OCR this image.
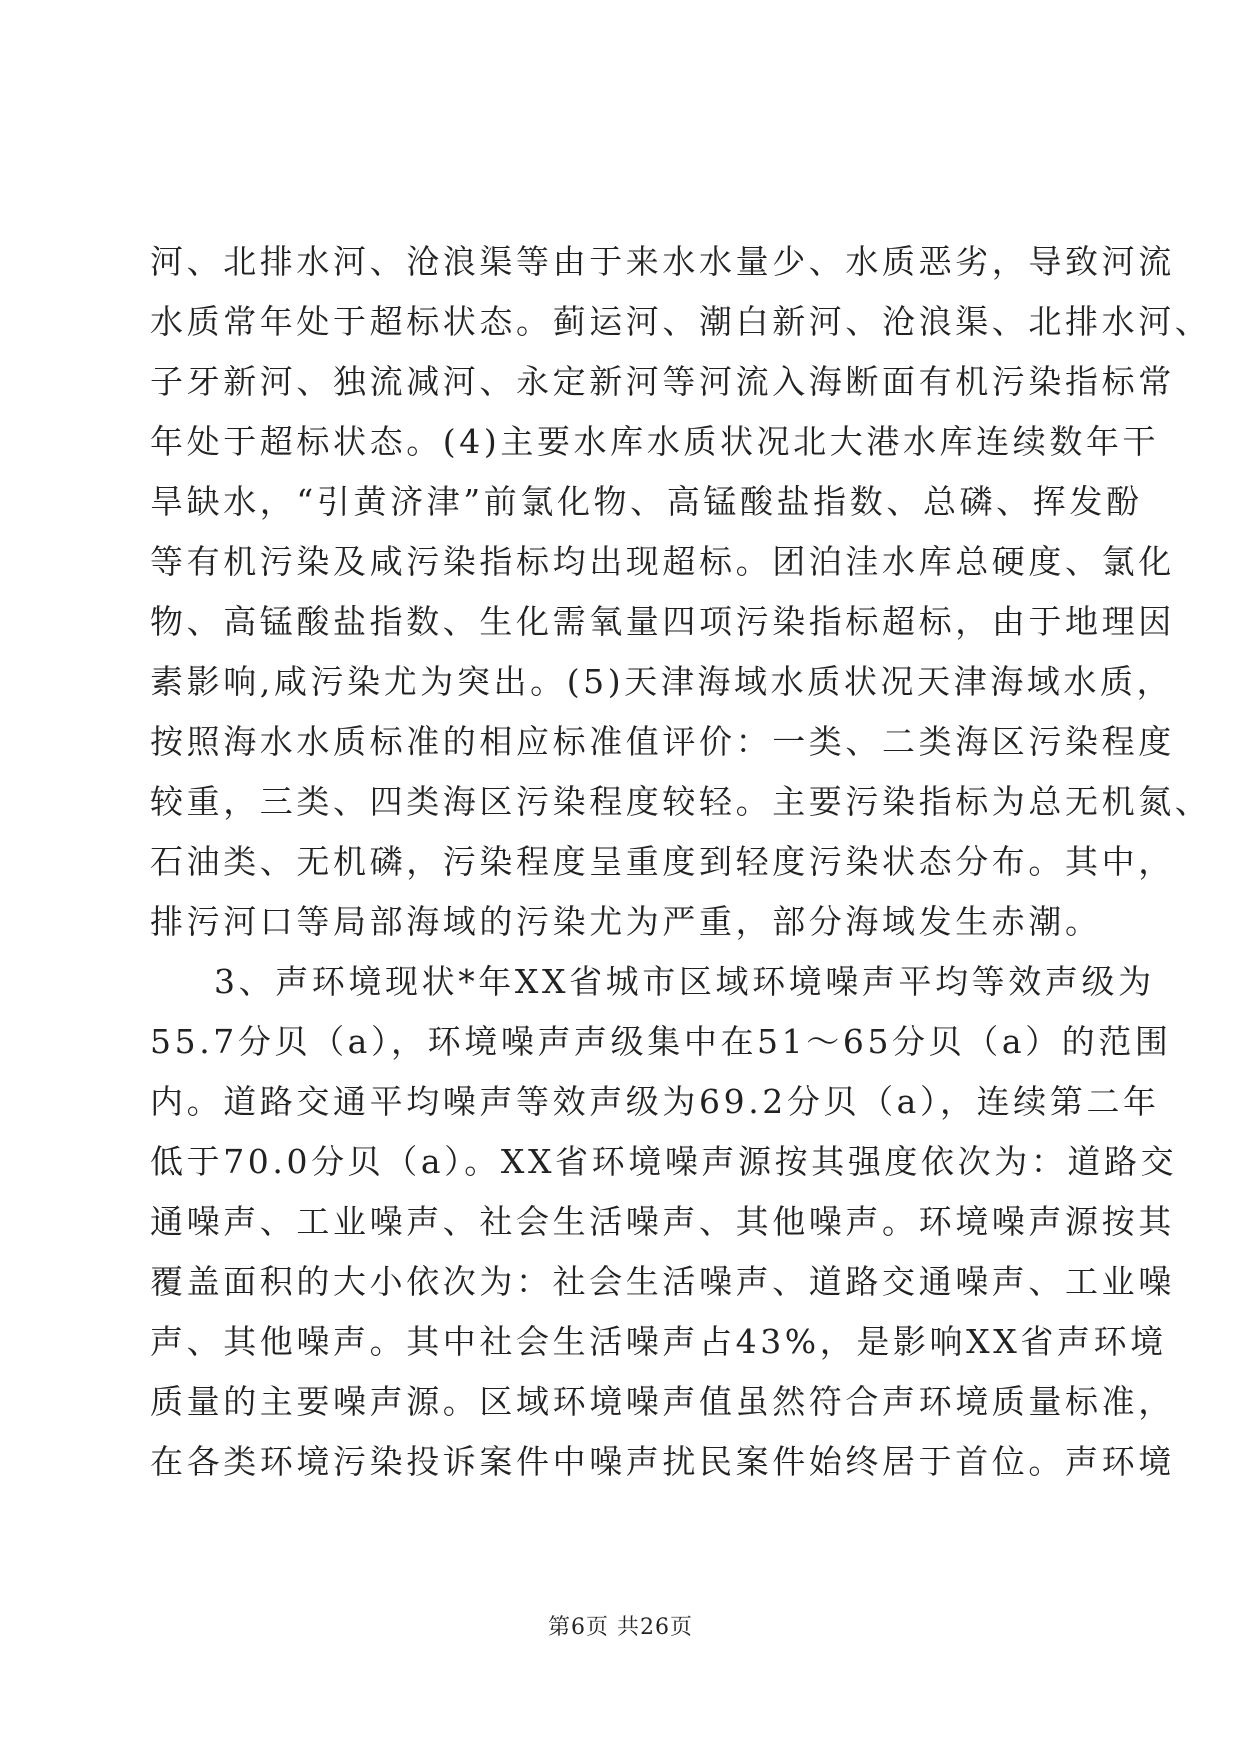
河、北排水河、沧浪渠等由于来水水量少、水质恶劣，导致河流
水质常年处于超标状态。蓟运河、潮白新河、沧浪渠、北排水河、
子牙新河、独流减河、永定新河等河流入海断面有机污染指标常
年处于超标状态。(4)主要水库水质状况北大港水库连续数年干
旱缺水，“引黄济津”前氯化物、高锰酸盐指数、总磷、挥发酚
等有机污染及咸污染指标均出现超标。团泊洼水库总硬度、氯化
物、高锰酸盐指数、生化需氧量四项污染指标超标，由于地理因
素影响,咸污染尤为突出。(5)天津海域水质状况天津海域水质，
按照海水水质标准的相应标准值评价：一类、二类海区污染程度
较重，三类、四类海区污染程度较轻。主要污染指标为总无机氮、
石油类、无机磷，污染程度呈重度到轻度污染状态分布。其中，
排污河口等局部海域的污染尤为严重，部分海域发生赤潮。
3、声环境现状*年XX省城市区域环境噪声平均等效声级为
55.7分贝（a），环境噪声声级集中在51～65分贝（a）的范围
内。道路交通平均噪声等效声级为69.2分贝（a），连续第二年
低于70.0分贝（a）。XX省环境噪声源按其强度依次为：道路交
通噪声、工业噪声、社会生活噪声、其他噪声。环境噪声源按其
覆盖面积的大小依次为：社会生活噪声、道路交通噪声、工业噪
声、其他噪声。其中社会生活噪声占43%，是影响XX省声环境
质量的主要噪声源。区域环境噪声值虽然符合声环境质量标准，
在各类环境污染投诉案件中噪声扰民案件始终居于首位。声环境
第6页 共26页
